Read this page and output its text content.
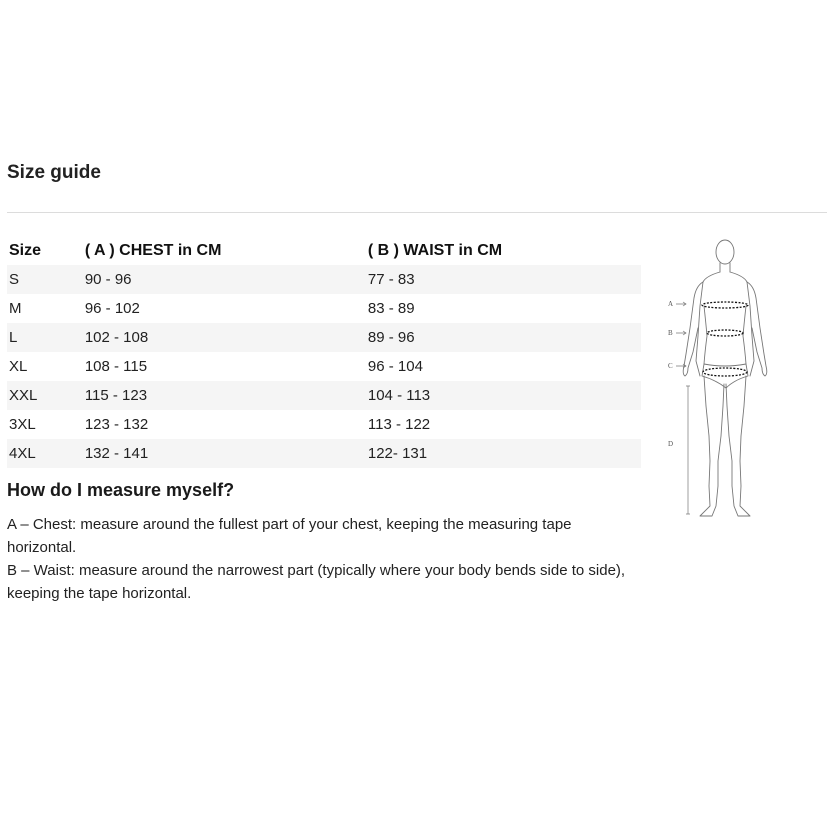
Size guide
Size	( A ) CHEST in CM	( B ) WAIST in CM
S	90 - 96	77 - 83
M	96 - 102	83 - 89
L	102 - 108	89 - 96
XL	108 - 115	96 - 104
XXL	115 - 123	104 - 113
3XL	123 - 132	113 - 122
4XL	132 - 141	122- 131
A
B
C
D
How do I measure myself?

A – Chest: measure around the fullest part of your chest, keeping the measuring tape horizontal.

B – Waist: measure around the narrowest part (typically where your body bends side to side), keeping the tape horizontal.
